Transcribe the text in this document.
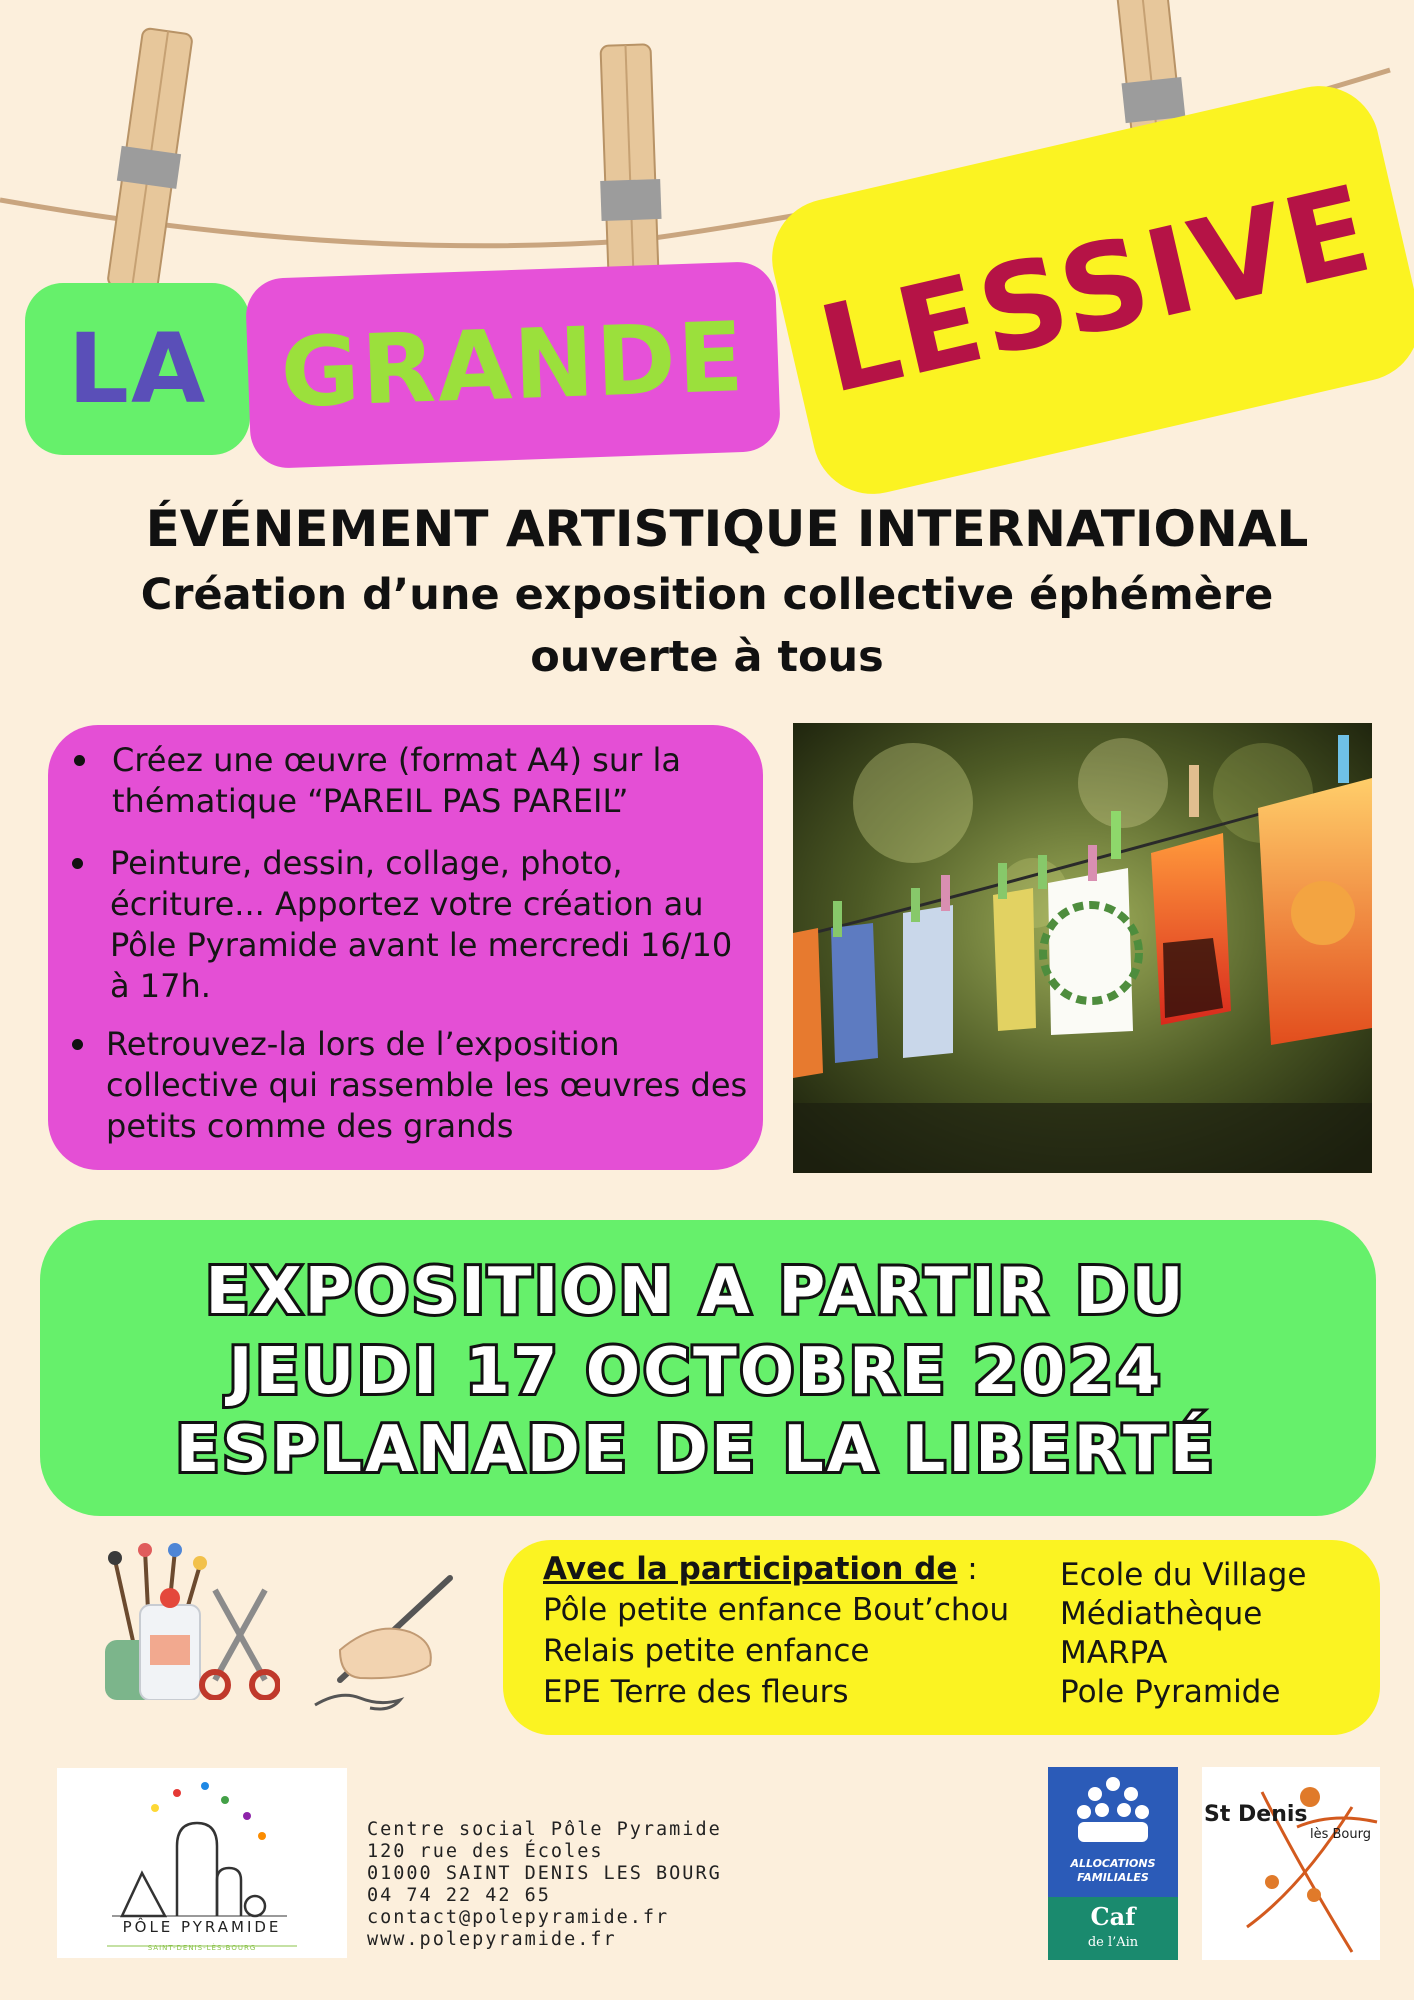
LA GRANDE LESSIVE
ÉVÉNEMENT ARTISTIQUE INTERNATIONAL
Création d’une exposition collective éphémère
ouverte à tous
Créez une œuvre (format A4) sur la
thématique “PAREIL PAS PAREIL”
Peinture, dessin, collage, photo,
écriture... Apportez votre création au
Pôle Pyramide avant le mercredi 16/10
à 17h.
Retrouvez-la lors de l’exposition
collective qui rassemble les œuvres des
petits comme des grands
EXPOSITION A PARTIR DU
JEUDI 17 OCTOBRE 2024
ESPLANADE DE LA LIBERTÉ
Avec la participation de :
Pôle petite enfance Bout’chou
Relais petite enfance
EPE Terre des fleurs
Ecole du Village
Médiathèque
MARPA
Pole Pyramide
PÔLE PYRAMIDE
SAINT-DENIS-LÈS-BOURG
Centre social Pôle Pyramide
120 rue des Écoles
01000 SAINT DENIS LES BOURG
04 74 22 42 65
contact@polepyramide.fr
www.polepyramide.fr
ALLOCATIONS
FAMILIALES
Caf
de l’Ain
St Denis
lès Bourg
